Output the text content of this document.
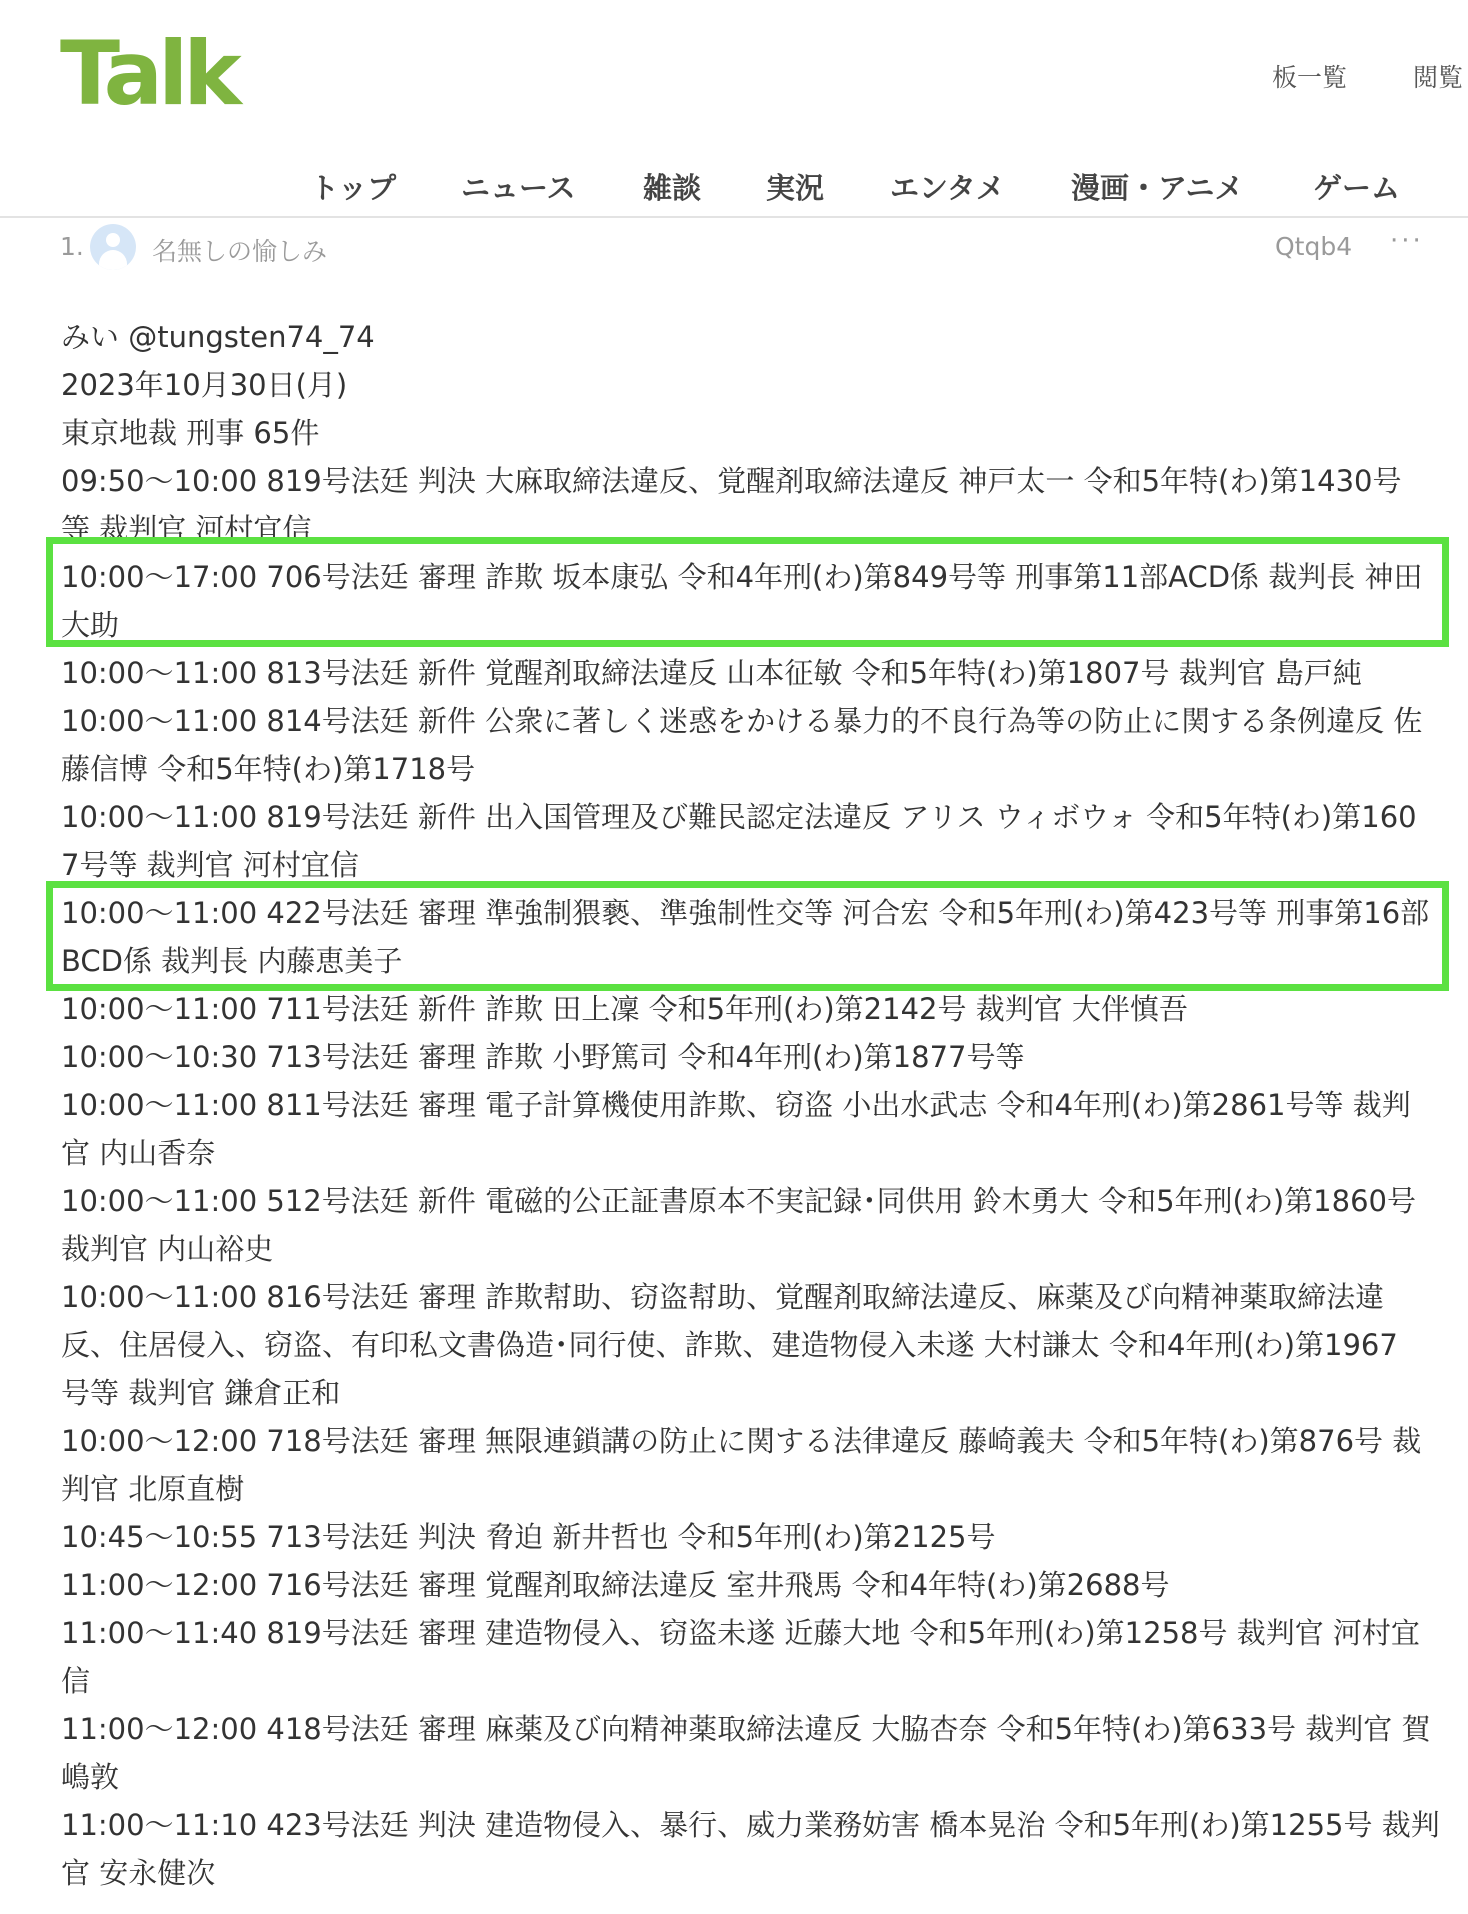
Talk	板一覧	閲覧
トップ ニュース 雑談 実況 エンタメ 漫画・アニメ ゲーム
1.	名無しの愉しみ	Qtqb4 ···
みい @tungsten74_74
2023年10月30日(月)
東京地裁 刑事 65件
09:50〜10:00 819号法廷 判決 大麻取締法違反、覚醒剤取締法違反 神戸太一 令和5年特(わ)第1430号
等 裁判官 河村宜信
10:00〜17:00 706号法廷 審理 詐欺 坂本康弘 令和4年刑(わ)第849号等 刑事第11部ACD係 裁判長 神田
大助
10:00〜11:00 813号法廷 新件 覚醒剤取締法違反 山本征敏 令和5年特(わ)第1807号 裁判官 島戸純
10:00〜11:00 814号法廷 新件 公衆に著しく迷惑をかける暴力的不良行為等の防止に関する条例違反 佐
藤信博 令和5年特(わ)第1718号
10:00〜11:00 819号法廷 新件 出入国管理及び難民認定法違反 アリス ウィボウォ 令和5年特(わ)第160
7号等 裁判官 河村宜信
10:00〜11:00 422号法廷 審理 準強制猥褻、準強制性交等 河合宏 令和5年刑(わ)第423号等 刑事第16部
BCD係 裁判長 内藤恵美子
10:00〜11:00 711号法廷 新件 詐欺 田上凜 令和5年刑(わ)第2142号 裁判官 大伴慎吾
10:00〜10:30 713号法廷 審理 詐欺 小野篤司 令和4年刑(わ)第1877号等
10:00〜11:00 811号法廷 審理 電子計算機使用詐欺、窃盗 小出水武志 令和4年刑(わ)第2861号等 裁判
官 内山香奈
10:00〜11:00 512号法廷 新件 電磁的公正証書原本不実記録･同供用 鈴木勇大 令和5年刑(わ)第1860号
裁判官 内山裕史
10:00〜11:00 816号法廷 審理 詐欺幇助、窃盗幇助、覚醒剤取締法違反、麻薬及び向精神薬取締法違
反、住居侵入、窃盗、有印私文書偽造･同行使、詐欺、建造物侵入未遂 大村謙太 令和4年刑(わ)第1967
号等 裁判官 鎌倉正和
10:00〜12:00 718号法廷 審理 無限連鎖講の防止に関する法律違反 藤崎義夫 令和5年特(わ)第876号 裁
判官 北原直樹
10:45〜10:55 713号法廷 判決 脅迫 新井哲也 令和5年刑(わ)第2125号
11:00〜12:00 716号法廷 審理 覚醒剤取締法違反 室井飛馬 令和4年特(わ)第2688号
11:00〜11:40 819号法廷 審理 建造物侵入、窃盗未遂 近藤大地 令和5年刑(わ)第1258号 裁判官 河村宜
信
11:00〜12:00 418号法廷 審理 麻薬及び向精神薬取締法違反 大脇杏奈 令和5年特(わ)第633号 裁判官 賀
嶋敦
11:00〜11:10 423号法廷 判決 建造物侵入、暴行、威力業務妨害 橋本晃治 令和5年刑(わ)第1255号 裁判
官 安永健次
